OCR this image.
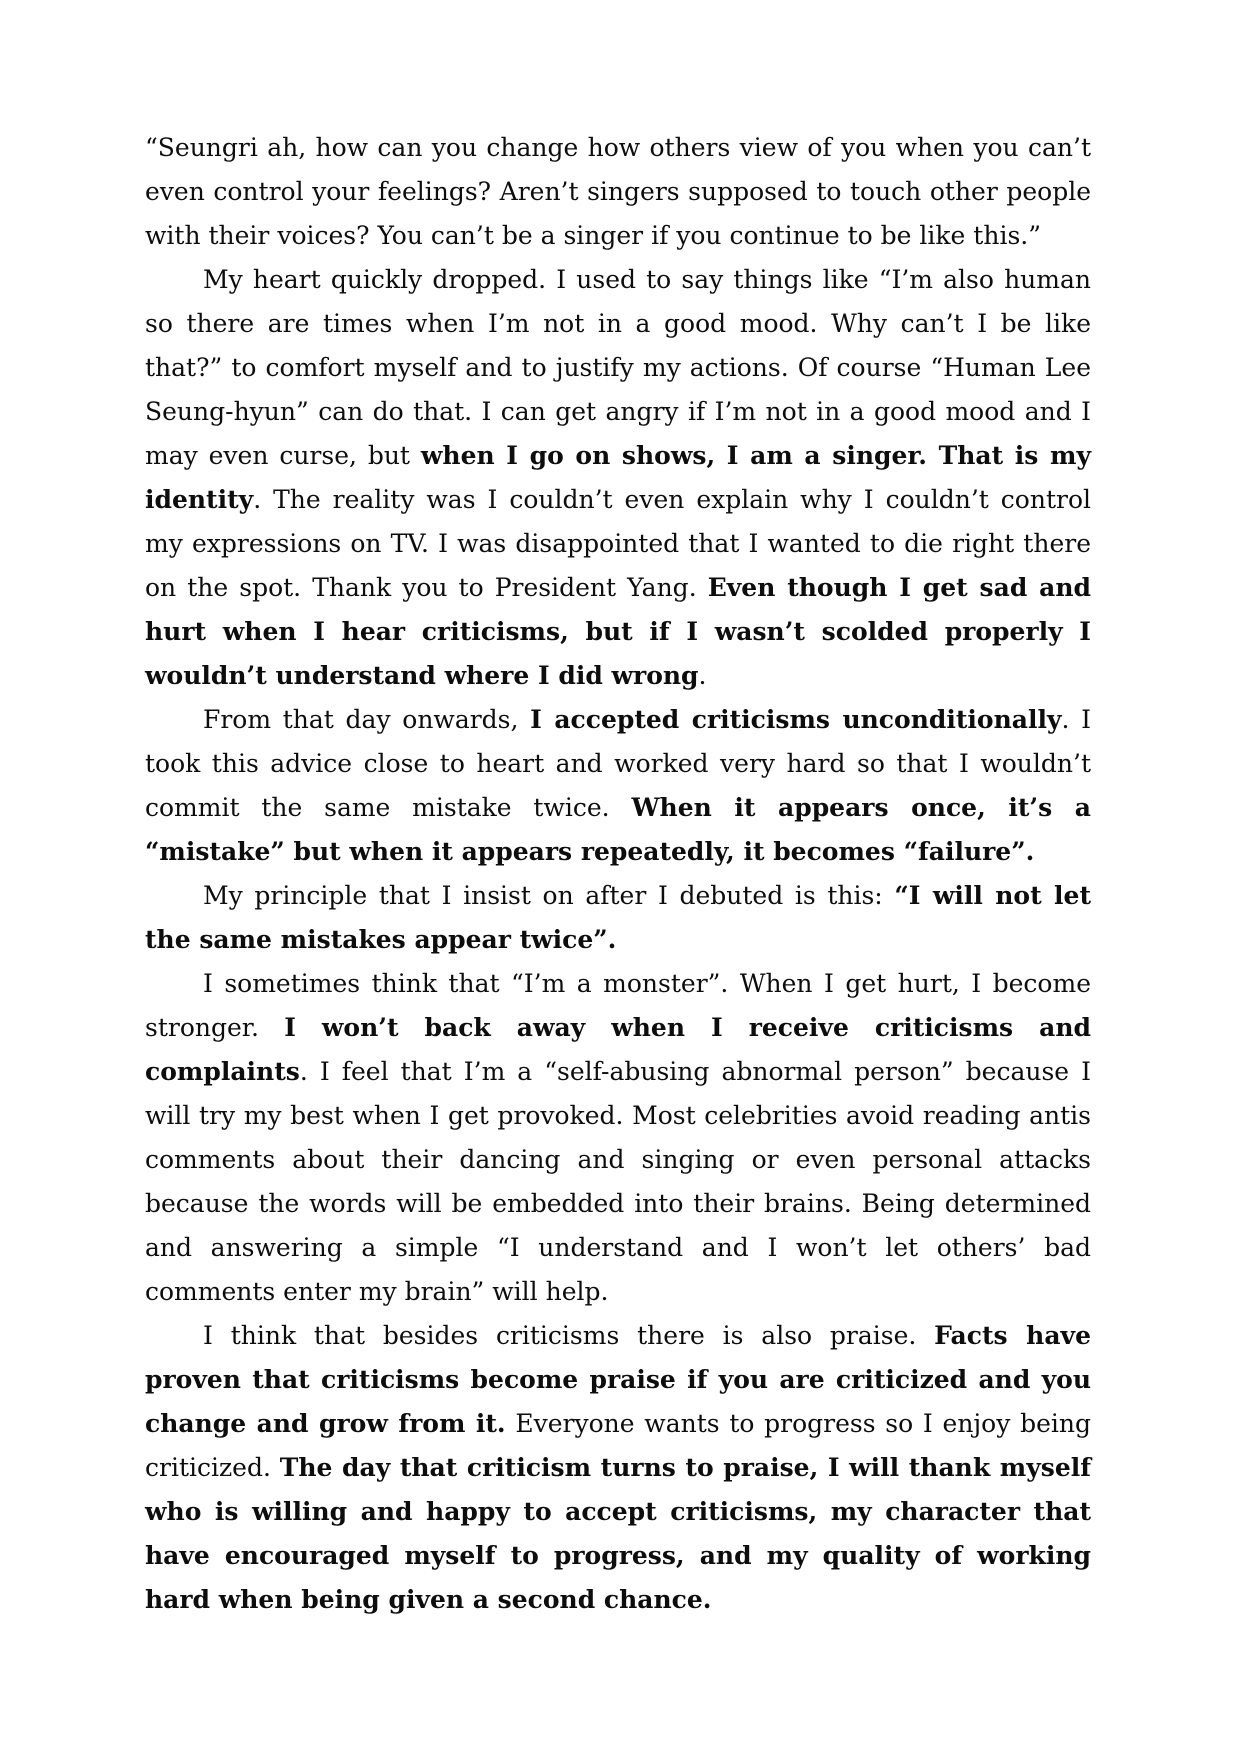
“Seungri ah, how can you change how others view of you when you can’t even control your feelings? Aren’t singers supposed to touch other people with their voices? You can’t be a singer if you continue to be like this.”

My heart quickly dropped. I used to say things like “I’m also human so there are times when I’m not in a good mood. Why can’t I be like that?” to comfort myself and to justify my actions. Of course “Human Lee Seung-hyun” can do that. I can get angry if I’m not in a good mood and I may even curse, but when I go on shows, I am a singer. That is my identity. The reality was I couldn’t even explain why I couldn’t control my expressions on TV. I was disappointed that I wanted to die right there on the spot. Thank you to President Yang. Even though I get sad and hurt when I hear criticisms, but if I wasn’t scolded properly I wouldn’t understand where I did wrong.

From that day onwards, I accepted criticisms unconditionally. I took this advice close to heart and worked very hard so that I wouldn’t commit the same mistake twice. When it appears once, it’s a “mistake” but when it appears repeatedly, it becomes “failure”.

My principle that I insist on after I debuted is this: “I will not let the same mistakes appear twice”.

I sometimes think that “I’m a monster”. When I get hurt, I become stronger. I won’t back away when I receive criticisms and complaints. I feel that I’m a “self-abusing abnormal person” because I will try my best when I get provoked. Most celebrities avoid reading antis comments about their dancing and singing or even personal attacks because the words will be embedded into their brains. Being determined and answering a simple “I understand and I won’t let others’ bad comments enter my brain” will help.

I think that besides criticisms there is also praise. Facts have proven that criticisms become praise if you are criticized and you change and grow from it. Everyone wants to progress so I enjoy being criticized. The day that criticism turns to praise, I will thank myself who is willing and happy to accept criticisms, my character that have encouraged myself to progress, and my quality of working hard when being given a second chance.
